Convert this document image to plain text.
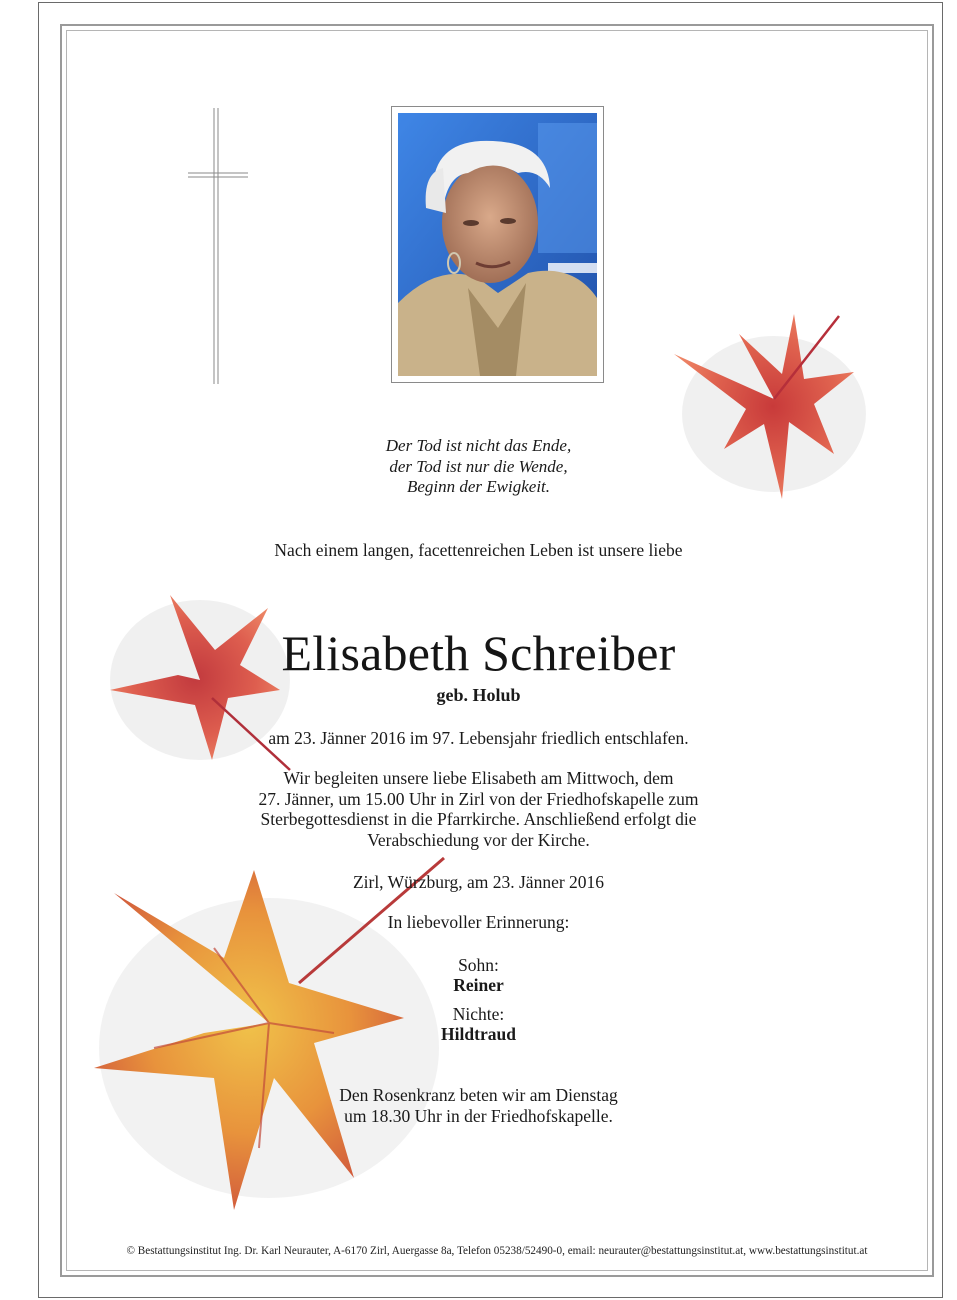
Der Tod ist nicht das Ende,
der Tod ist nur die Wende,
Beginn der Ewigkeit.
Nach einem langen, facettenreichen Leben ist unsere liebe
Elisabeth Schreiber
geb. Holub
am 23. Jänner 2016 im 97. Lebensjahr friedlich entschlafen.
Wir begleiten unsere liebe Elisabeth am Mittwoch, dem
27. Jänner, um 15.00 Uhr in Zirl von der Friedhofskapelle zum
Sterbegottesdienst in die Pfarrkirche. Anschließend erfolgt die
Verabschiedung vor der Kirche.
Zirl, Würzburg, am 23. Jänner 2016
In liebevoller Erinnerung:
Sohn:
Reiner
Nichte:
Hildtraud
Den Rosenkranz beten wir am Dienstag
um 18.30 Uhr in der Friedhofskapelle.
© Bestattungsinstitut Ing. Dr. Karl Neurauter, A-6170 Zirl, Auergasse 8a, Telefon 05238/52490-0, email: neurauter@bestattungsinstitut.at, www.bestattungsinstitut.at
